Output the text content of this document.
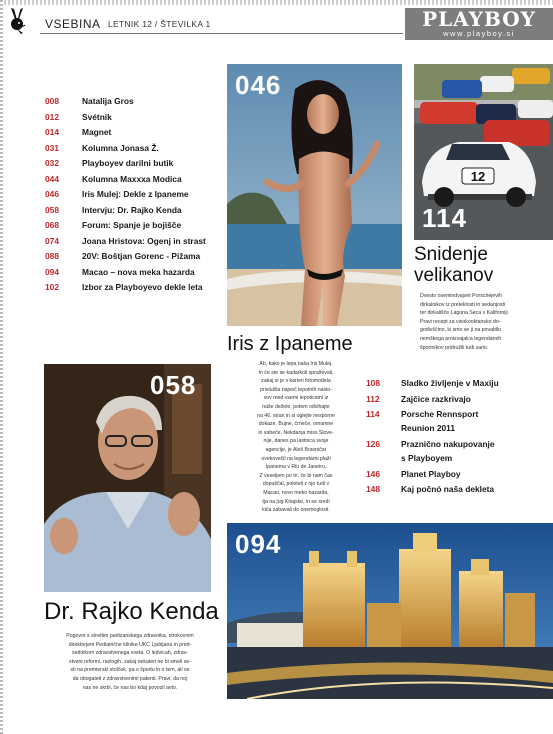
VSEBINA LETNIK 12 / ŠTEVILKA 1	PLAYBOY
www.playboy.si
008	Natalija Gros
012	Svétnik
014	Magnet
031	Kolumna Jonasa Ž.
032	Playboyev darilni butik
044	Kolumna Maxxxa Modica
046	Iris Mulej: Dekle z Ipaneme
058	Intervju: Dr. Rajko Kenda
068	Forum: Spanje je bojišče
074	Joana Hristova: Ogenj in strast
088	20V: Boštjan Gorenc - Pižama
094	Macao – nova meka hazarda
102	Izbor za Playboyevo dekle leta
046
12
114
Snidenje
velikanov
Dvesto osemindvajset Porschejevih
dirkalnikov iz preteklosti in sedanjosti
ter dirkališče Laguna Seca v Kaliforniji.
Pravi recept za visokooktansko do-
godivščino, ki smo se ji na povabilo
nemškega proizvajalca legendarnih
športnikov pridružili tudi sami.
Iris z Ipaneme
Ah, kako je lepa naša Iris Mulej.
In če ste se kadarkoli spraševali,
zakaj si je v karieri fotomodela
prislužila največ lepotnih naslo-
vov med vsemi lepoticami iz
naše deželе, potem odvihajte
na 46. stran in si oglejte nesporne
dokaze. Bujne, črneče, omamne
in vabeče. Nekdanja miss Slove-
nije, danes pa lastnica svoje
agencije, je Aleš Bravničar
ovekovečil na legendarni plaži
Ipanema v Riu de Janeiru.
Z veseljem po tri, če bi nam čas
dopuščal, poleteli z njo tudi v
Macao, novo meko hazarda,
tja na jug Kitajske, in se sredi
kiča zabavali do onemoglosti.
058
Dr. Rajko Kenda
Pogovor s slovitim partizanskega zdravnika, strokovnim
direktorjem Pediatrične klinike UKC Ljubljana in pred-
sednikom zdravstvenega sveta. O ledvicah, zdrav-
stveni reformi, razlogih, zakaj nekateri ne bi smeli se-
sti na premierski stolček, pa o športu in o tem, ali se
da obogateti z zdravstvenimi patenti. Pravi, da noj
nas ne skrbi, če nas bo kdaj povozil avto.
108	Sladko življenje v Maxiju
112	Zajčice razkrivajo
114	Porsche Rennsport
Reunion 2011
126	Praznično nakupovanje
s Playboyem
146	Planet Playboy
148	Kaj počnó naša dekleta
094
